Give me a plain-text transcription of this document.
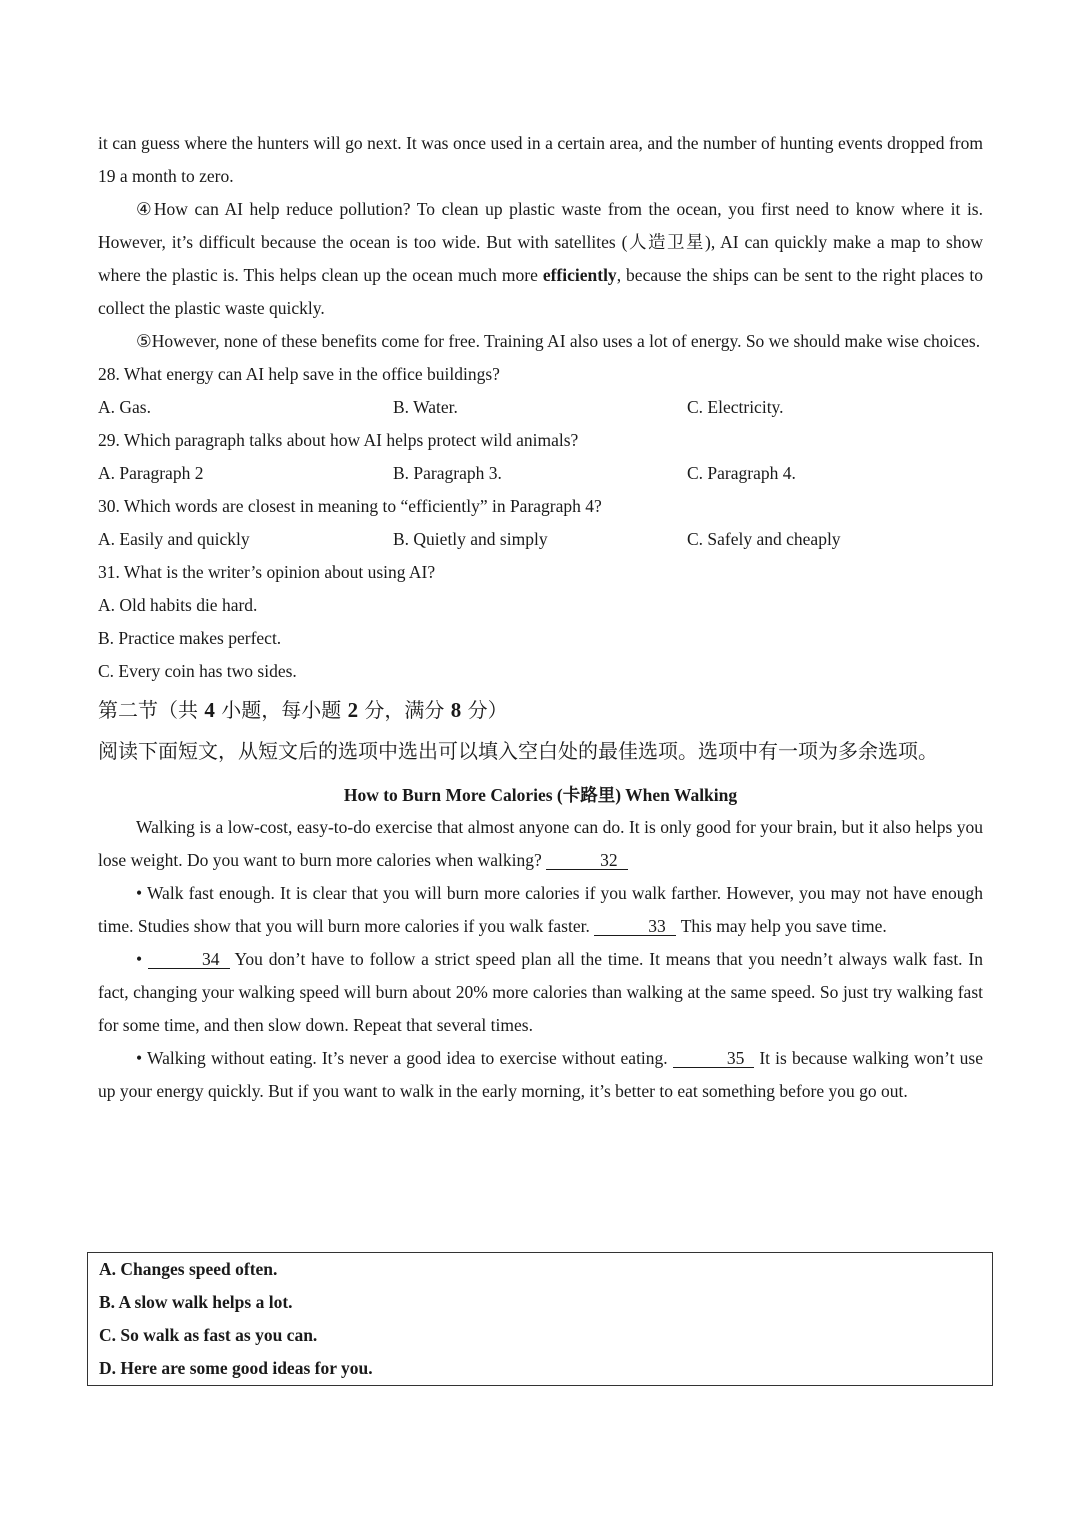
it can guess where the hunters will go next. It was once used in a certain area, and the number of hunting events dropped from 19 a month to zero.

④How can AI help reduce pollution? To clean up plastic waste from the ocean, you first need to know where it is. However, it’s difficult because the ocean is too wide. But with satellites (人造卫星), AI can quickly make a map to show where the plastic is. This helps clean up the ocean much more efficiently, because the ships can be sent to the right places to collect the plastic waste quickly.

⑤However, none of these benefits come for free. Training AI also uses a lot of energy. So we should make wise choices.

28. What energy can AI help save in the office buildings?

A. Gas.	B. Water.	C. Electricity.

29. Which paragraph talks about how AI helps protect wild animals?

A. Paragraph 2	B. Paragraph 3.	C. Paragraph 4.

30. Which words are closest in meaning to “efficiently” in Paragraph 4?

A. Easily and quickly	B. Quietly and simply	C. Safely and cheaply

31. What is the writer’s opinion about using AI?

A. Old habits die hard.

B. Practice makes perfect.

C. Every coin has two sides.

第二节（共 4 小题，每小题 2 分，满分 8 分）

阅读下面短文，从短文后的选项中选出可以填入空白处的最佳选项。选项中有一项为多余选项。

How to Burn More Calories (卡路里) When Walking

Walking is a low-cost, easy-to-do exercise that almost anyone can do. It is only good for your brain, but it also helps you lose weight. Do you want to burn more calories when walking?	32

• Walk fast enough. It is clear that you will burn more calories if you walk farther. However, you may not have enough time. Studies show that you will burn more calories if you walk faster.	33 This may help you save time.

•	34 You don’t have to follow a strict speed plan all the time. It means that you needn’t always walk fast. In fact, changing your walking speed will burn about 20% more calories than walking at the same speed. So just try walking fast for some time, and then slow down. Repeat that several times.

• Walking without eating. It’s never a good idea to exercise without eating.	35 It is because walking won’t use up your energy quickly. But if you want to walk in the early morning, it’s better to eat something before you go out.

A. Changes speed often.

B. A slow walk helps a lot.

C. So walk as fast as you can.

D. Here are some good ideas for you.
